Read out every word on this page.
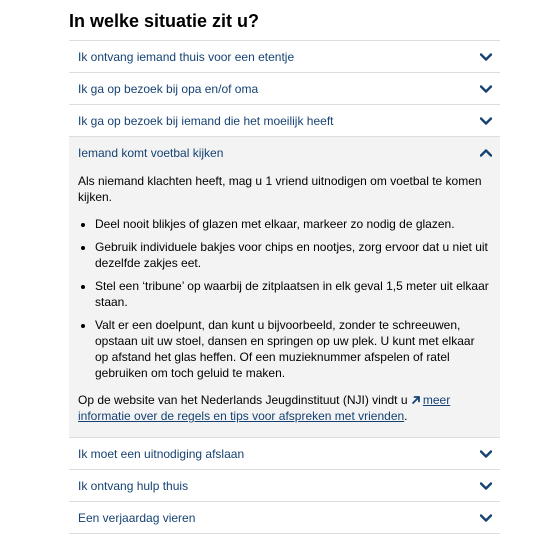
In welke situatie zit u?
Ik ontvang iemand thuis voor een etentje
Ik ga op bezoek bij opa en/of oma
Ik ga op bezoek bij iemand die het moeilijk heeft
Iemand komt voetbal kijken

Als niemand klachten heeft, mag u 1 vriend uitnodigen om voetbal te komen kijken.

• Deel nooit blikjes of glazen met elkaar, markeer zo nodig de glazen.
• Gebruik individuele bakjes voor chips en nootjes, zorg ervoor dat u niet uit dezelfde zakjes eet.
• Stel een ‘tribune’ op waarbij de zitplaatsen in elk geval 1,5 meter uit elkaar staan.
• Valt er een doelpunt, dan kunt u bijvoorbeeld, zonder te schreeuwen, opstaan uit uw stoel, dansen en springen op uw plek. U kunt met elkaar op afstand het glas heffen. Of een muzieknummer afspelen of ratel gebruiken om toch geluid te maken.

Op de website van het Nederlands Jeugdinstituut (NJI) vindt u meer informatie over de regels en tips voor afspreken met vrienden.

Ik moet een uitnodiging afslaan
Ik ontvang hulp thuis
Een verjaardag vieren
